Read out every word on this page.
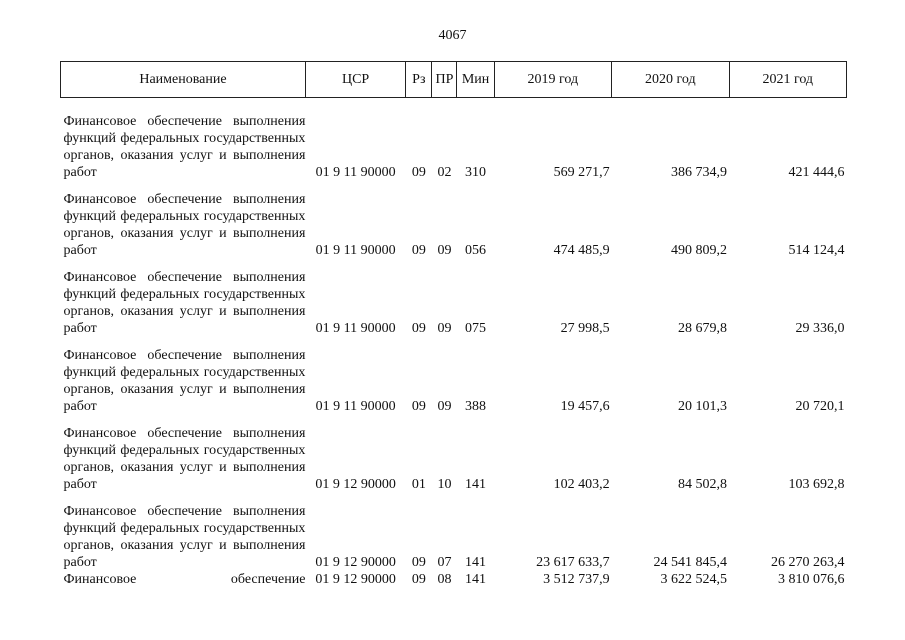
4067
Наименование	ЦСР	Рз	ПР	Мин	2019 год	2020 год	2021 год

Финансовое обеспечение выполнения функций федеральных государственных органов, оказания услуг и выполнения работ	01 9 11 90000	09	02	310	569 271,7	386 734,9	421 444,6
Финансовое обеспечение выполнения функций федеральных государственных органов, оказания услуг и выполнения работ	01 9 11 90000	09	09	056	474 485,9	490 809,2	514 124,4
Финансовое обеспечение выполнения функций федеральных государственных органов, оказания услуг и выполнения работ	01 9 11 90000	09	09	075	27 998,5	28 679,8	29 336,0
Финансовое обеспечение выполнения функций федеральных государственных органов, оказания услуг и выполнения работ	01 9 11 90000	09	09	388	19 457,6	20 101,3	20 720,1
Финансовое обеспечение выполнения функций федеральных государственных органов, оказания услуг и выполнения работ	01 9 12 90000	01	10	141	102 403,2	84 502,8	103 692,8
Финансовое обеспечение выполнения функций федеральных государственных органов, оказания услуг и выполнения работ	01 9 12 90000	09	07	141	23 617 633,7	24 541 845,4	26 270 263,4
Финансовое обеспечение	01 9 12 90000	09	08	141	3 512 737,9	3 622 524,5	3 810 076,6
